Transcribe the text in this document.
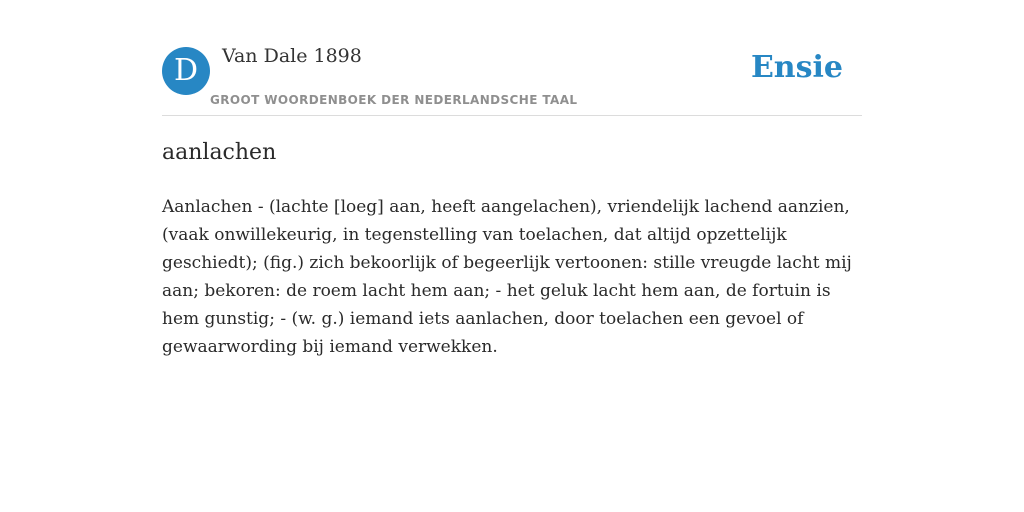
D	Van Dale 1898
GROOT WOORDENBOEK DER NEDERLANDSCHE TAAL
Ensie
aanlachen
Aanlachen - (lachte [loeg] aan, heeft aangelachen), vriendelijk lachend aanzien, (vaak onwillekeurig, in tegenstelling van toelachen, dat altijd opzettelijk geschiedt); (fig.) zich bekoorlijk of begeerlijk vertoonen: stille vreugde lacht mij aan; bekoren: de roem lacht hem aan; - het geluk lacht hem aan, de fortuin is hem gunstig; - (w. g.) iemand iets aanlachen, door toelachen een gevoel of gewaarwording bij iemand verwekken.
